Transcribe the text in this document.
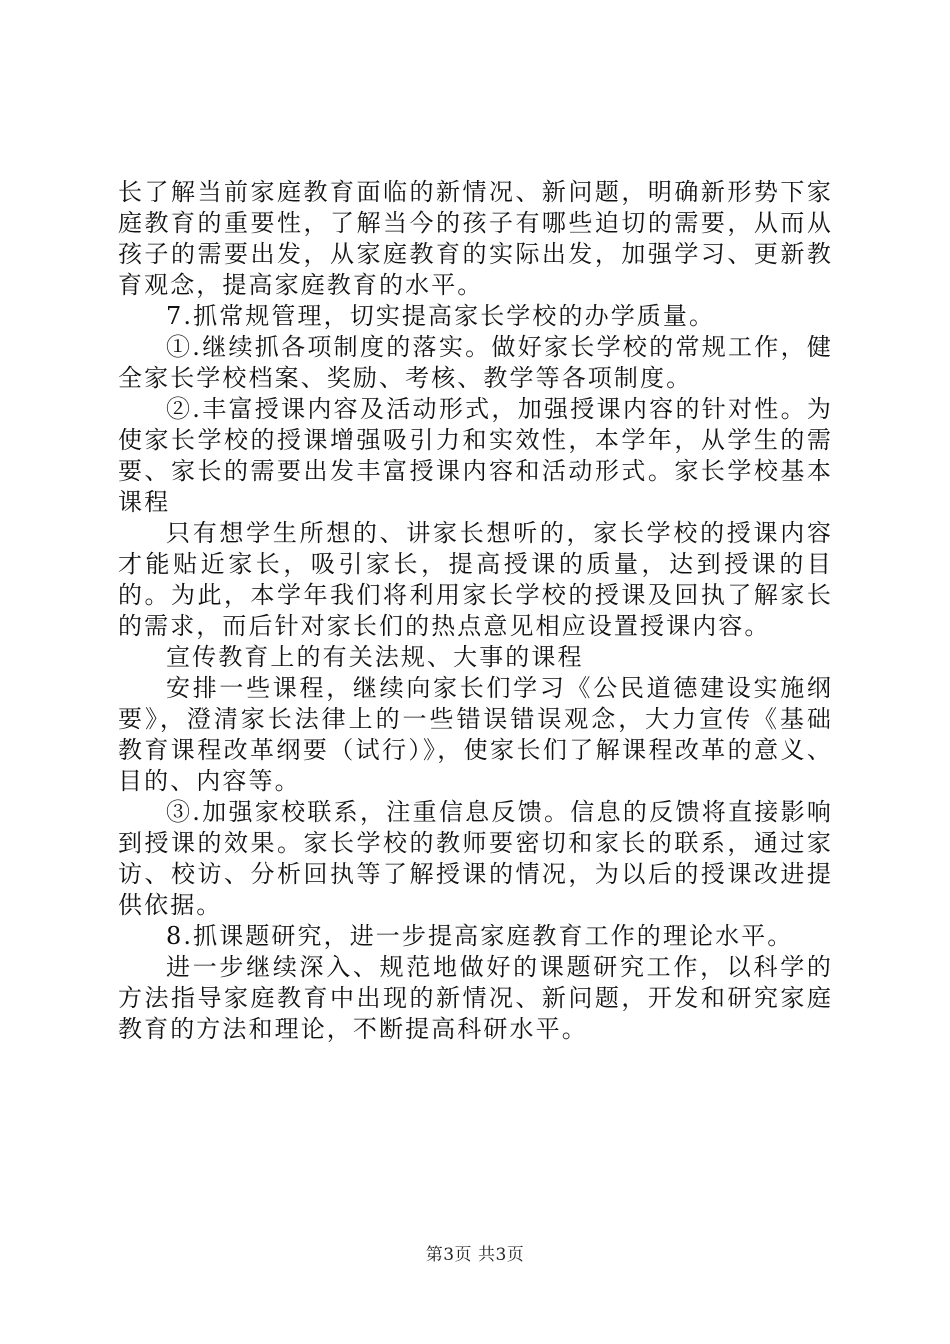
长了解当前家庭教育面临的新情况、新问题，明确新形势下家庭教育的重要性，了解当今的孩子有哪些迫切的需要，从而从孩子的需要出发，从家庭教育的实际出发，加强学习、更新教育观念，提高家庭教育的水平。

7.抓常规管理，切实提高家长学校的办学质量。

①.继续抓各项制度的落实。做好家长学校的常规工作，健全家长学校档案、奖励、考核、教学等各项制度。

②.丰富授课内容及活动形式，加强授课内容的针对性。为使家长学校的授课增强吸引力和实效性，本学年，从学生的需要、家长的需要出发丰富授课内容和活动形式。家长学校基本课程

只有想学生所想的、讲家长想听的，家长学校的授课内容才能贴近家长，吸引家长，提高授课的质量，达到授课的目的。为此，本学年我们将利用家长学校的授课及回执了解家长的需求，而后针对家长们的热点意见相应设置授课内容。

宣传教育上的有关法规、大事的课程

安排一些课程，继续向家长们学习《公民道德建设实施纲要》，澄清家长法律上的一些错误错误观念，大力宣传《基础教育课程改革纲要（试行）》，使家长们了解课程改革的意义、目的、内容等。

③.加强家校联系，注重信息反馈。信息的反馈将直接影响到授课的效果。家长学校的教师要密切和家长的联系，通过家访、校访、分析回执等了解授课的情况，为以后的授课改进提供依据。

8.抓课题研究，进一步提高家庭教育工作的理论水平。

进一步继续深入、规范地做好的课题研究工作，以科学的方法指导家庭教育中出现的新情况、新问题，开发和研究家庭教育的方法和理论，不断提高科研水平。

第3页 共3页
